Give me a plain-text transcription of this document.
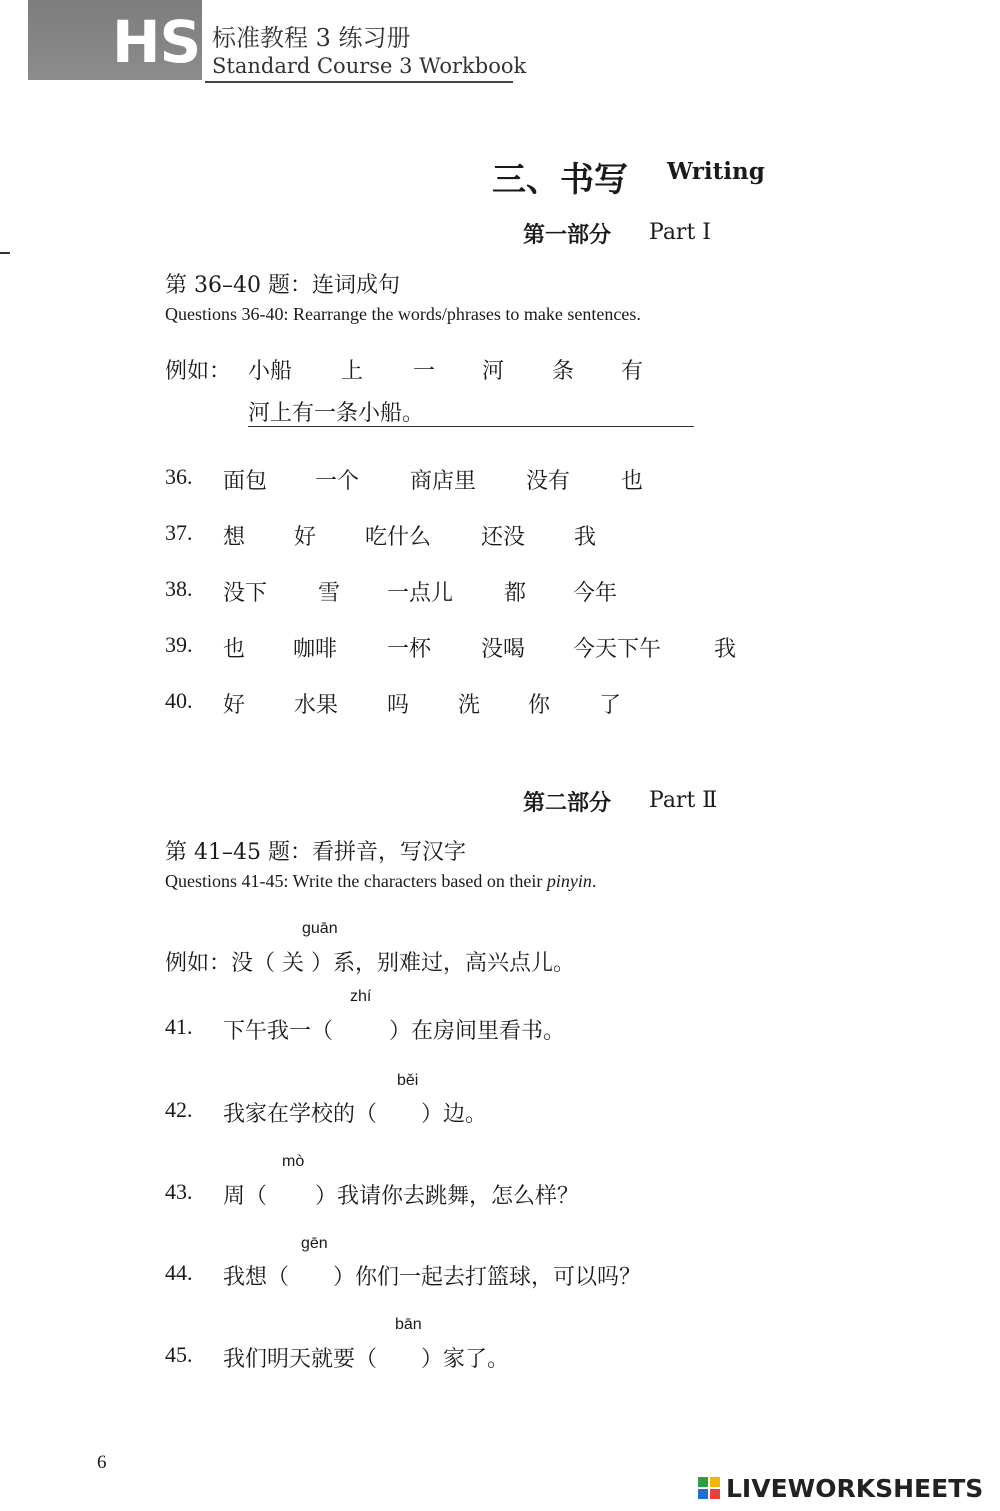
HSK
标准教程 3 练习册
Standard Course 3 Workbook
三、书写 Writing
第一部分 Part Ⅰ
第 36–40 题：连词成句
Questions 36-40: Rearrange the words/phrases to make sentences.
例如： 小船 上 一 河 条 有
河上有一条小船。
36. 面包 一个 商店里 没有 也
37. 想 好 吃什么 还没 我
38. 没下 雪 一点儿 都 今年
39. 也 咖啡 一杯 没喝 今天下午 我
40. 好 水果 吗 洗 你 了
第二部分 Part Ⅱ
第 41–45 题：看拼音，写汉字
Questions 41-45: Write the characters based on their pinyin.
guān
例如：没（ 关 ）系，别难过，高兴点儿。
zhí
41. 下午我一（	）在房间里看书。
běi
42. 我家在学校的（ ）边。
mò
43. 周（ ）我请你去跳舞，怎么样？
gēn
44. 我想（ ）你们一起去打篮球，可以吗？
bān
45. 我们明天就要（ ）家了。
6
LIVEWORKSHEETS
